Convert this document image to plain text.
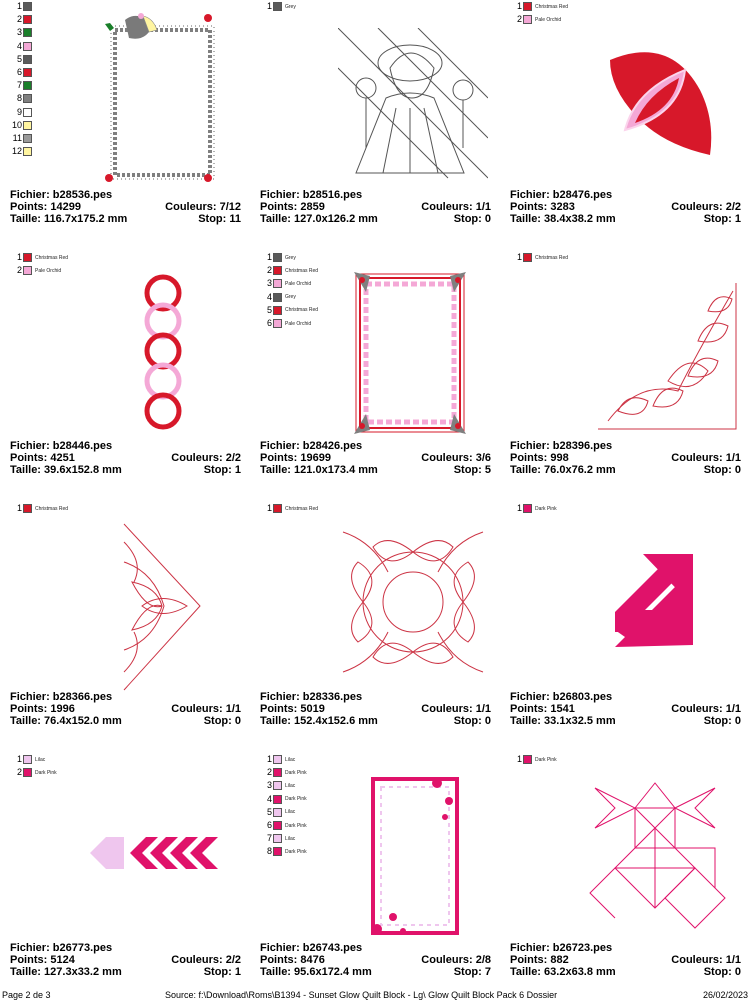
1
2
3
4
5
6
7
8
9
10
11
12
Fichier: b28536.pes
Points: 14299	Couleurs: 7/12
Taille: 116.7x175.2 mm	Stop: 11
1	Grey
Fichier: b28516.pes
Points: 2859	Couleurs: 1/1
Taille: 127.0x126.2 mm	Stop: 0
1	Christmas Red
2	Pale Orchid
Fichier: b28476.pes
Points: 3283	Couleurs: 2/2
Taille: 38.4x38.2 mm	Stop: 1
1	Christmas Red
2	Pale Orchid
Fichier: b28446.pes
Points: 4251	Couleurs: 2/2
Taille: 39.6x152.8 mm	Stop: 1
1	Grey
2	Christmas Red
3	Pale Orchid
4	Grey
5	Christmas Red
6	Pale Orchid
Fichier: b28426.pes
Points: 19699	Couleurs: 3/6
Taille: 121.0x173.4 mm	Stop: 5
1	Christmas Red
Fichier: b28396.pes
Points: 998	Couleurs: 1/1
Taille: 76.0x76.2 mm	Stop: 0
1	Christmas Red
Fichier: b28366.pes
Points: 1996	Couleurs: 1/1
Taille: 76.4x152.0 mm	Stop: 0
1	Christmas Red
Fichier: b28336.pes
Points: 5019	Couleurs: 1/1
Taille: 152.4x152.6 mm	Stop: 0
1	Dark Pink
Fichier: b26803.pes
Points: 1541	Couleurs: 1/1
Taille: 33.1x32.5 mm	Stop: 0
1	Lilac
2	Dark Pink
Fichier: b26773.pes
Points: 5124	Couleurs: 2/2
Taille: 127.3x33.2 mm	Stop: 1
1	Lilac
2	Dark Pink
3	Lilac
4	Dark Pink
5	Lilac
6	Dark Pink
7	Lilac
8	Dark Pink
Fichier: b26743.pes
Points: 8476	Couleurs: 2/8
Taille: 95.6x172.4 mm	Stop: 7
1	Dark Pink
Fichier: b26723.pes
Points: 882	Couleurs: 1/1
Taille: 63.2x63.8 mm	Stop: 0
Page 2 de 3	Source: f:\Download\Roms\B1394 - Sunset Glow Quilt Block - Lg\ Glow Quilt Block Pack 6 Dossier	26/02/2023
